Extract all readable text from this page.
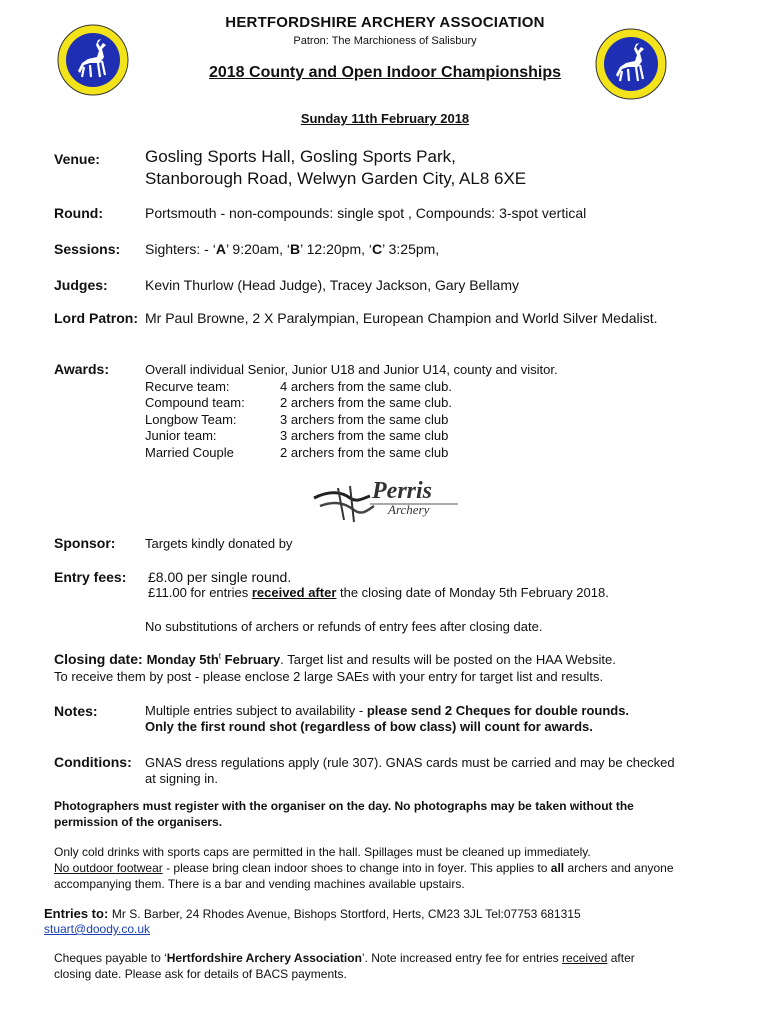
HERTFORDSHIRE ARCHERY ASSOCIATION
Patron: The Marchioness of Salisbury
2018 County and Open Indoor Championships
Sunday 11th February 2018
Venue:	Gosling Sports Hall, Gosling Sports Park,
Stanborough Road, Welwyn Garden City, AL8 6XE
Round:	Portsmouth - non-compounds: single spot , Compounds: 3-spot vertical
Sessions: Sighters: - ‘A’ 9:20am, ‘B’ 12:20pm, ‘C’ 3:25pm,
Judges:	Kevin Thurlow (Head Judge), Tracey Jackson, Gary Bellamy
Lord Patron: Mr Paul Browne, 2 X Paralympian, European Champion and World Silver Medalist.
Awards:	Overall individual Senior, Junior U18 and Junior U14, county and visitor.
Recurve team:	4 archers from the same club.
Compound team:	2 archers from the same club.
Longbow Team:	3 archers from the same club
Junior team:	3 archers from the same club
Married Couple	2 archers from the same club
Perris
Archery
Sponsor: Targets kindly donated by
Entry fees: £8.00 per single round.
£11.00 for entries received after the closing date of Monday 5th February 2018.
No substitutions of archers or refunds of entry fees after closing date.
Closing date: Monday $5th^t$ February. Target list and results will be posted on the HAA Website.
To receive them by post - please enclose 2 large SAEs with your entry for target list and results.
Notes:	Multiple entries subject to availability - please send 2 Cheques for double rounds.
Only the first round shot (regardless of bow class) will count for awards.
Conditions: GNAS dress regulations apply (rule 307). GNAS cards must be carried and may be checked
at signing in.
Photographers must register with the organiser on the day. No photographs may be taken without the
permission of the organisers.
Only cold drinks with sports caps are permitted in the hall. Spillages must be cleaned up immediately.
No outdoor footwear - please bring clean indoor shoes to change into in foyer. This applies to all archers and anyone
accompanying them. There is a bar and vending machines available upstairs.
Entries to: Mr S. Barber, 24 Rhodes Avenue, Bishops Stortford, Herts, CM23 3JL Tel:07753 681315
stuart@doody.co.uk
Cheques payable to ‘Hertfordshire Archery Association’. Note increased entry fee for entries received after
closing date. Please ask for details of BACS payments.
